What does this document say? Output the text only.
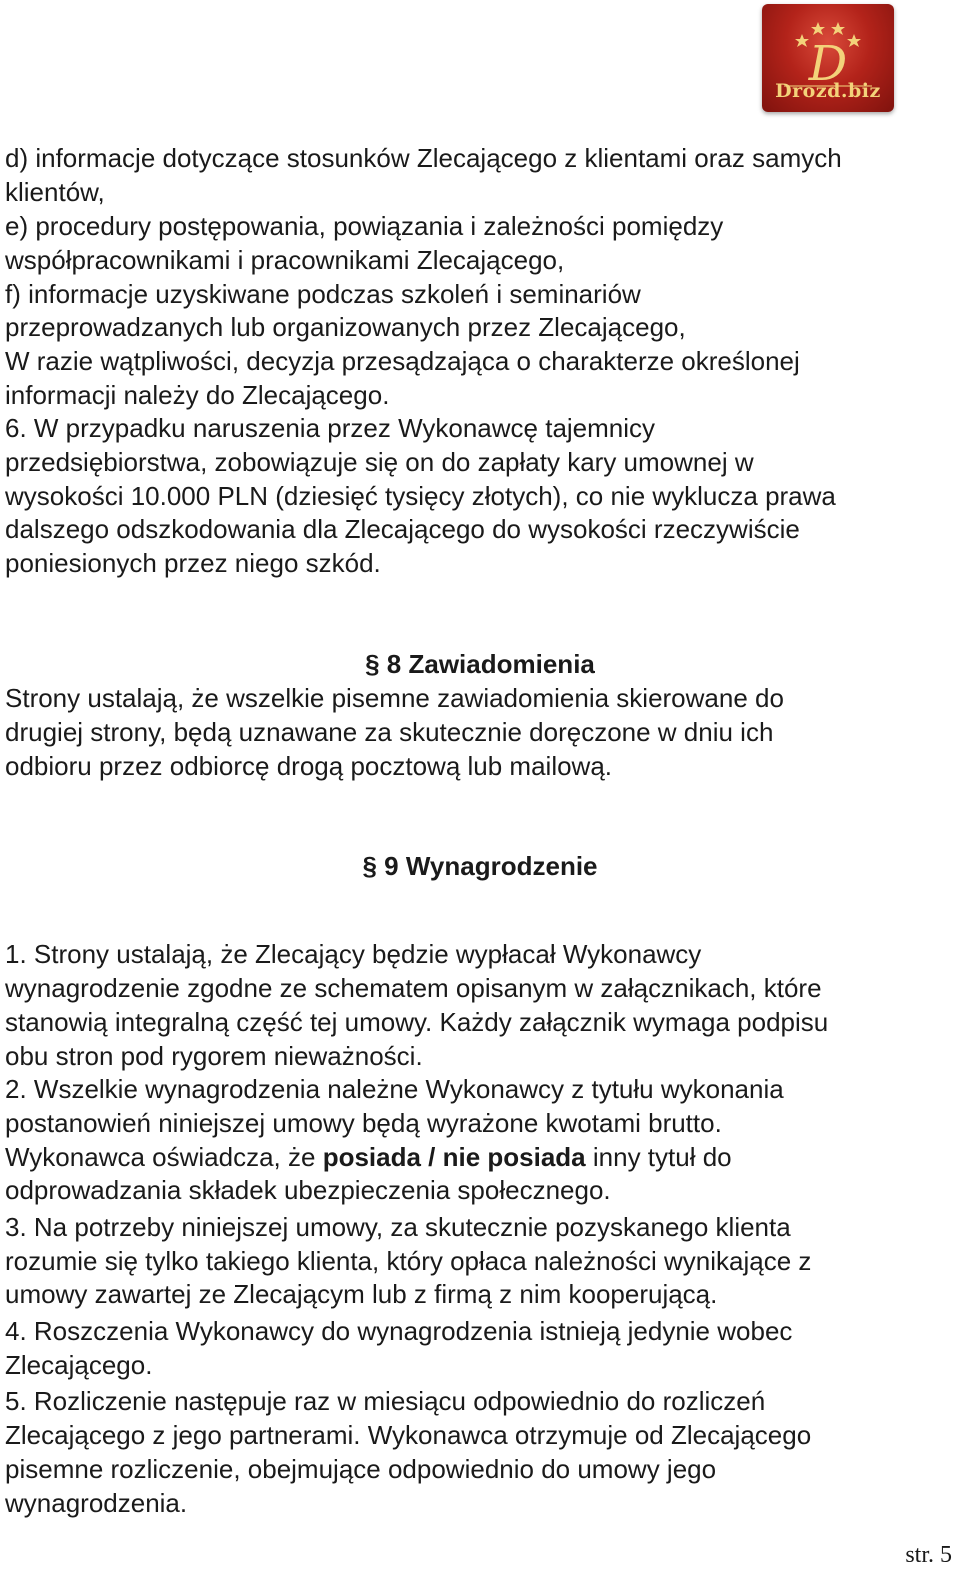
D
Drozd.biz
d) informacje dotyczące stosunków Zlecającego z klientami oraz samych
klientów,
e) procedury postępowania, powiązania i zależności pomiędzy
współpracownikami i pracownikami Zlecającego,
f) informacje uzyskiwane podczas szkoleń i seminariów
przeprowadzanych lub organizowanych przez Zlecającego,
W razie wątpliwości, decyzja przesądzająca o charakterze określonej
informacji należy do Zlecającego.
6. W przypadku naruszenia przez Wykonawcę tajemnicy
przedsiębiorstwa, zobowiązuje się on do zapłaty kary umownej w
wysokości 10.000 PLN (dziesięć tysięcy złotych), co nie wyklucza prawa
dalszego odszkodowania dla Zlecającego do wysokości rzeczywiście
poniesionych przez niego szkód.
§ 8 Zawiadomienia
Strony ustalają, że wszelkie pisemne zawiadomienia skierowane do
drugiej strony, będą uznawane za skutecznie doręczone w dniu ich
odbioru przez odbiorcę drogą pocztową lub mailową.
§ 9 Wynagrodzenie
1. Strony ustalają, że Zlecający będzie wypłacał Wykonawcy
wynagrodzenie zgodne ze schematem opisanym w załącznikach, które
stanowią integralną część tej umowy. Każdy załącznik wymaga podpisu
obu stron pod rygorem nieważności.
2. Wszelkie wynagrodzenia należne Wykonawcy z tytułu wykonania
postanowień niniejszej umowy będą wyrażone kwotami brutto.
Wykonawca oświadcza, że posiada / nie posiada inny tytuł do
odprowadzania składek ubezpieczenia społecznego.
3. Na potrzeby niniejszej umowy, za skutecznie pozyskanego klienta
rozumie się tylko takiego klienta, który opłaca należności wynikające z
umowy zawartej ze Zlecającym lub z firmą z nim kooperującą.
4. Roszczenia Wykonawcy do wynagrodzenia istnieją jedynie wobec
Zlecającego.
5. Rozliczenie następuje raz w miesiącu odpowiednio do rozliczeń
Zlecającego z jego partnerami. Wykonawca otrzymuje od Zlecającego
pisemne rozliczenie, obejmujące odpowiednio do umowy jego
wynagrodzenia.
str. 5
